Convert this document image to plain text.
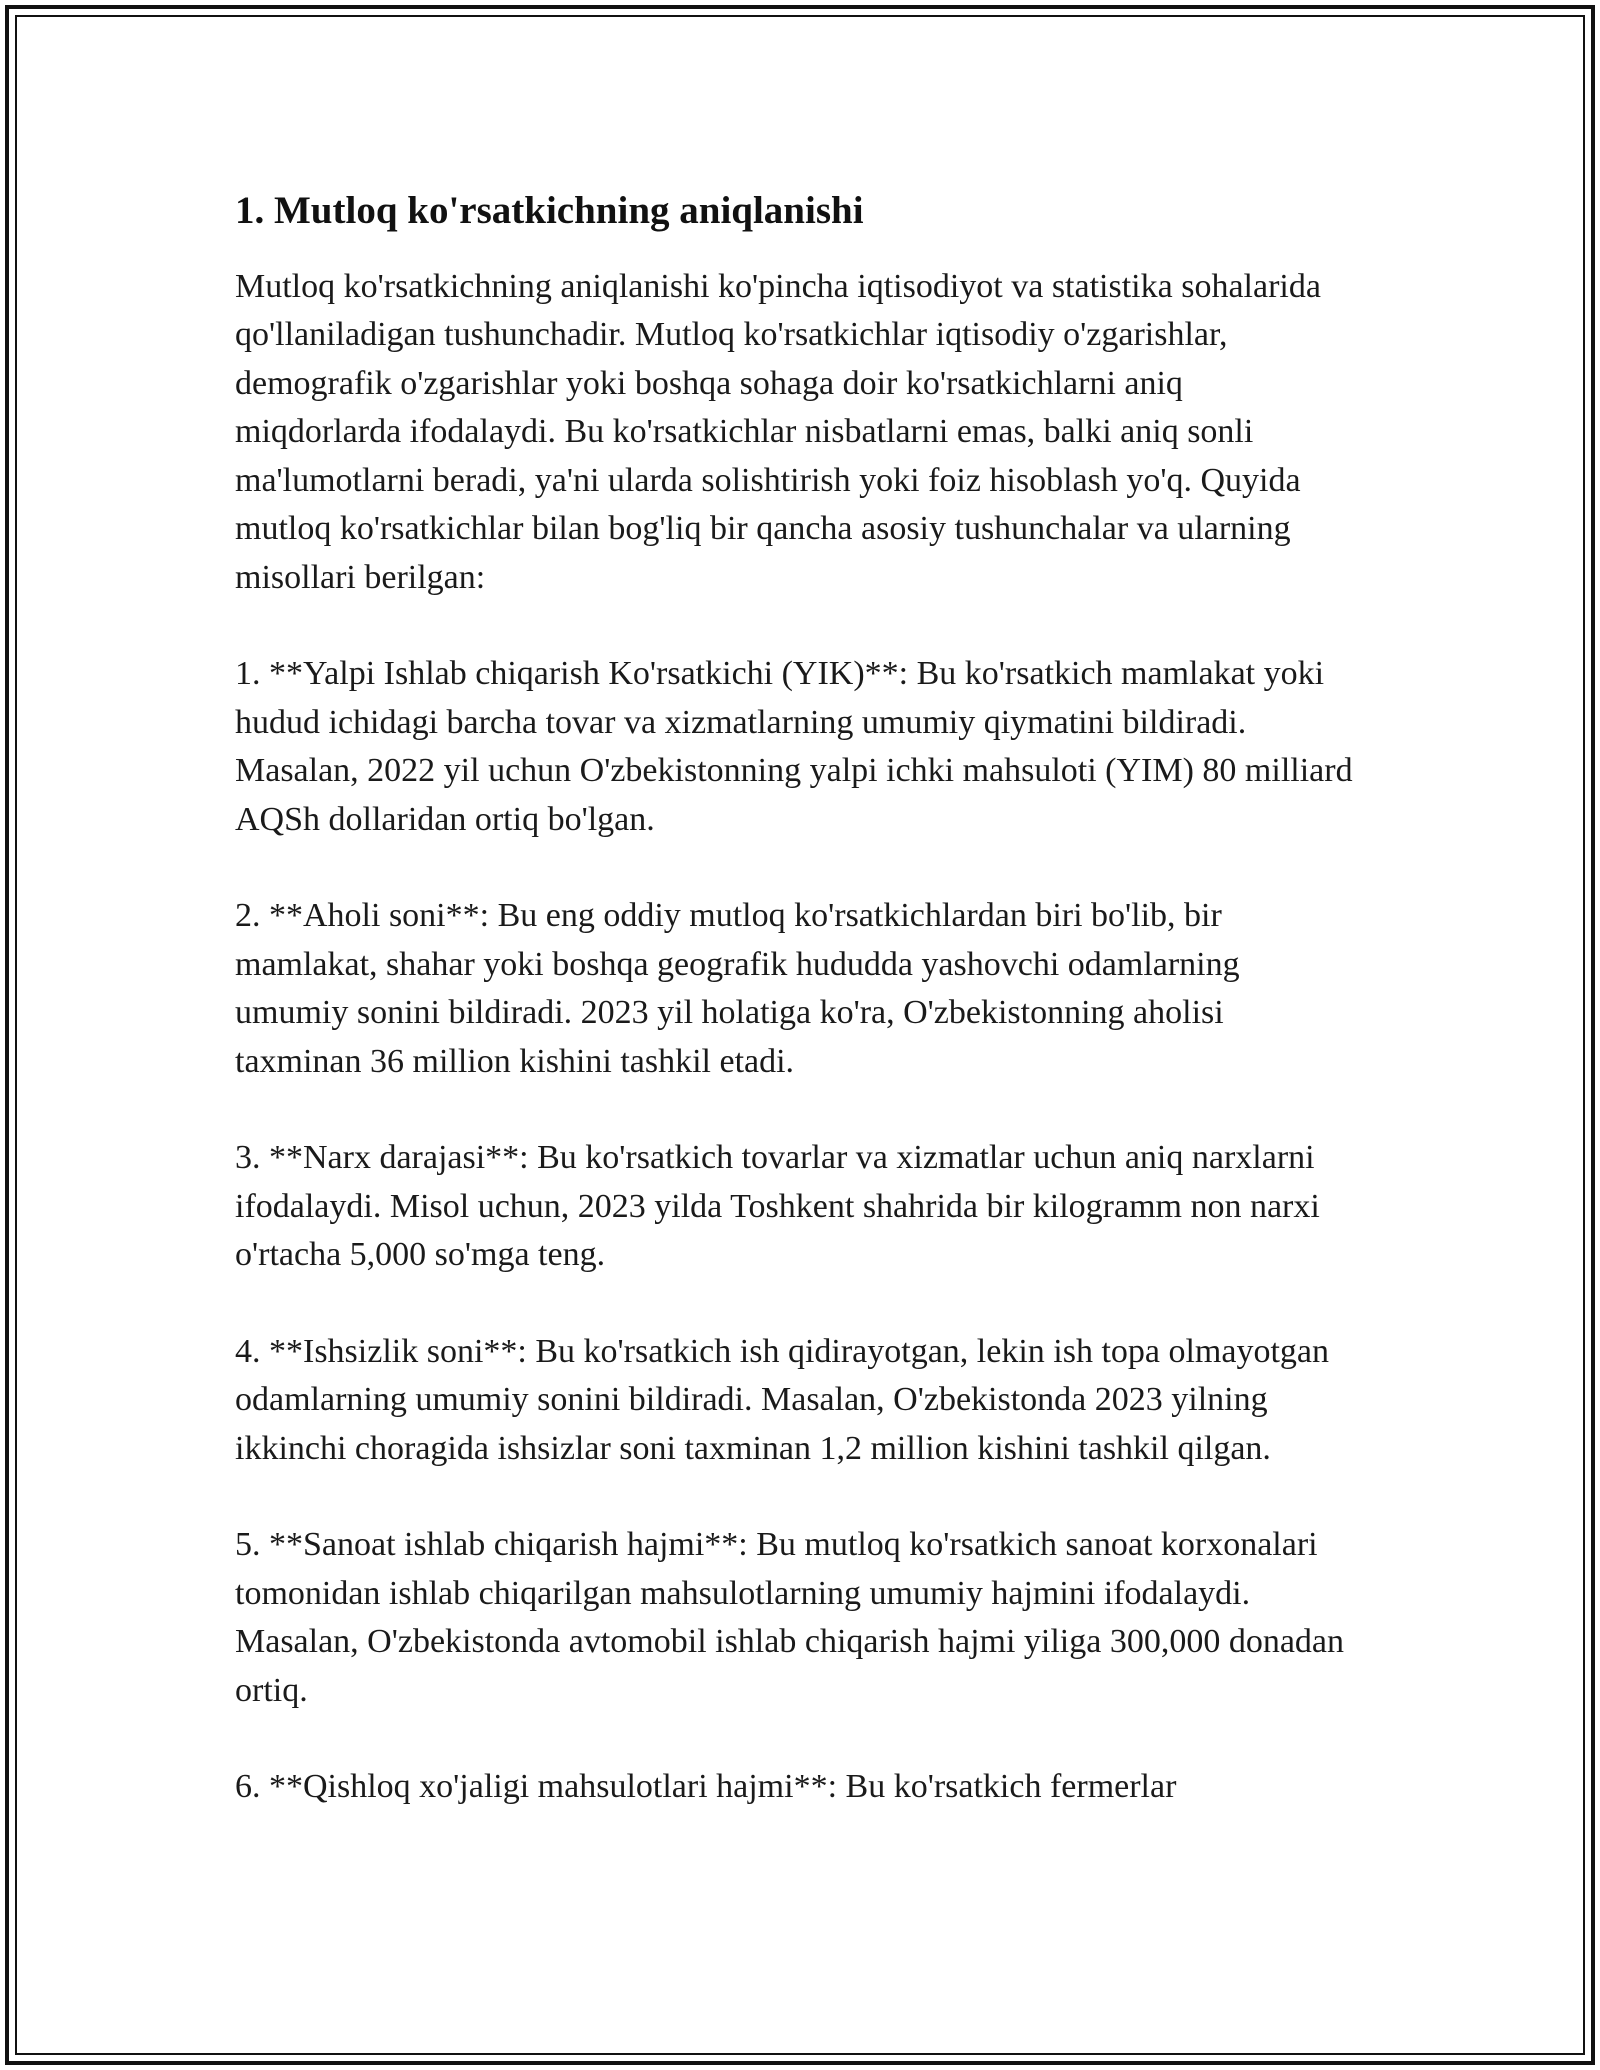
1. Mutloq ko'rsatkichning aniqlanishi

Mutloq ko'rsatkichning aniqlanishi ko'pincha iqtisodiyot va statistika sohalarida qo'llaniladigan tushunchadir. Mutloq ko'rsatkichlar iqtisodiy o'zgarishlar, demografik o'zgarishlar yoki boshqa sohaga doir ko'rsatkichlarni aniq miqdorlarda ifodalaydi. Bu ko'rsatkichlar nisbatlarni emas, balki aniq sonli ma'lumotlarni beradi, ya'ni ularda solishtirish yoki foiz hisoblash yo'q. Quyida mutloq ko'rsatkichlar bilan bog'liq bir qancha asosiy tushunchalar va ularning misollari berilgan:

1. **Yalpi Ishlab chiqarish Ko'rsatkichi (YIK)**: Bu ko'rsatkich mamlakat yoki hudud ichidagi barcha tovar va xizmatlarning umumiy qiymatini bildiradi. Masalan, 2022 yil uchun O'zbekistonning yalpi ichki mahsuloti (YIM) 80 milliard AQSh dollaridan ortiq bo'lgan.

2. **Aholi soni**: Bu eng oddiy mutloq ko'rsatkichlardan biri bo'lib, bir mamlakat, shahar yoki boshqa geografik hududda yashovchi odamlarning umumiy sonini bildiradi. 2023 yil holatiga ko'ra, O'zbekistonning aholisi taxminan 36 million kishini tashkil etadi.

3. **Narx darajasi**: Bu ko'rsatkich tovarlar va xizmatlar uchun aniq narxlarni ifodalaydi. Misol uchun, 2023 yilda Toshkent shahrida bir kilogramm non narxi o'rtacha 5,000 so'mga teng.

4. **Ishsizlik soni**: Bu ko'rsatkich ish qidirayotgan, lekin ish topa olmayotgan odamlarning umumiy sonini bildiradi. Masalan, O'zbekistonda 2023 yilning ikkinchi choragida ishsizlar soni taxminan 1,2 million kishini tashkil qilgan.

5. **Sanoat ishlab chiqarish hajmi**: Bu mutloq ko'rsatkich sanoat korxonalari tomonidan ishlab chiqarilgan mahsulotlarning umumiy hajmini ifodalaydi. Masalan, O'zbekistonda avtomobil ishlab chiqarish hajmi yiliga 300,000 donadan ortiq.

6. **Qishloq xo'jaligi mahsulotlari hajmi**: Bu ko'rsatkich fermerlar
